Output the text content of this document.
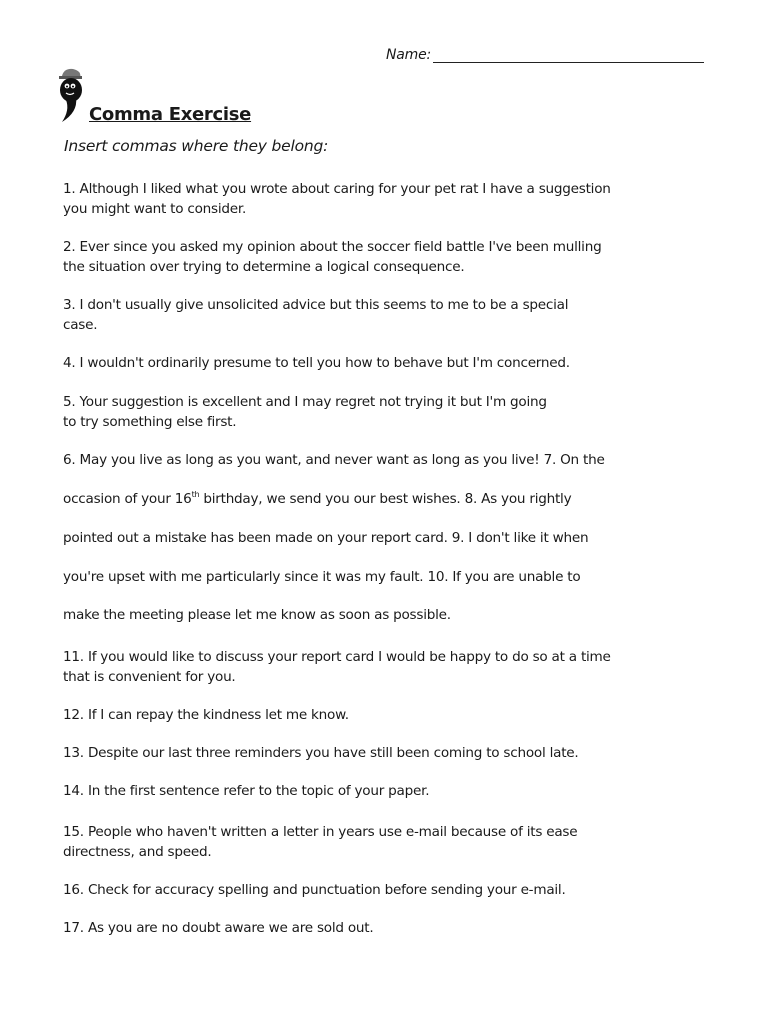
Name:
Comma Exercise
Insert commas where they belong:
1. Although I liked what you wrote about caring for your pet rat I have a suggestion
you might want to consider.
2. Ever since you asked my opinion about the soccer field battle I've been mulling
the situation over trying to determine a logical consequence.
3. I don't usually give unsolicited advice but this seems to me to be a special
case.
4. I wouldn't ordinarily presume to tell you how to behave but I'm concerned.
5. Your suggestion is excellent and I may regret not trying it but I'm going
to try something else first.
6. May you live as long as you want, and never want as long as you live! 7. On the
occasion of your 16th birthday, we send you our best wishes. 8. As you rightly
pointed out a mistake has been made on your report card. 9. I don't like it when
you're upset with me particularly since it was my fault. 10. If you are unable to
make the meeting please let me know as soon as possible.
11. If you would like to discuss your report card I would be happy to do so at a time
that is convenient for you.
12. If I can repay the kindness let me know.
13. Despite our last three reminders you have still been coming to school late.
14. In the first sentence refer to the topic of your paper.
15. People who haven't written a letter in years use e-mail because of its ease
directness, and speed.
16. Check for accuracy spelling and punctuation before sending your e-mail.
17. As you are no doubt aware we are sold out.
